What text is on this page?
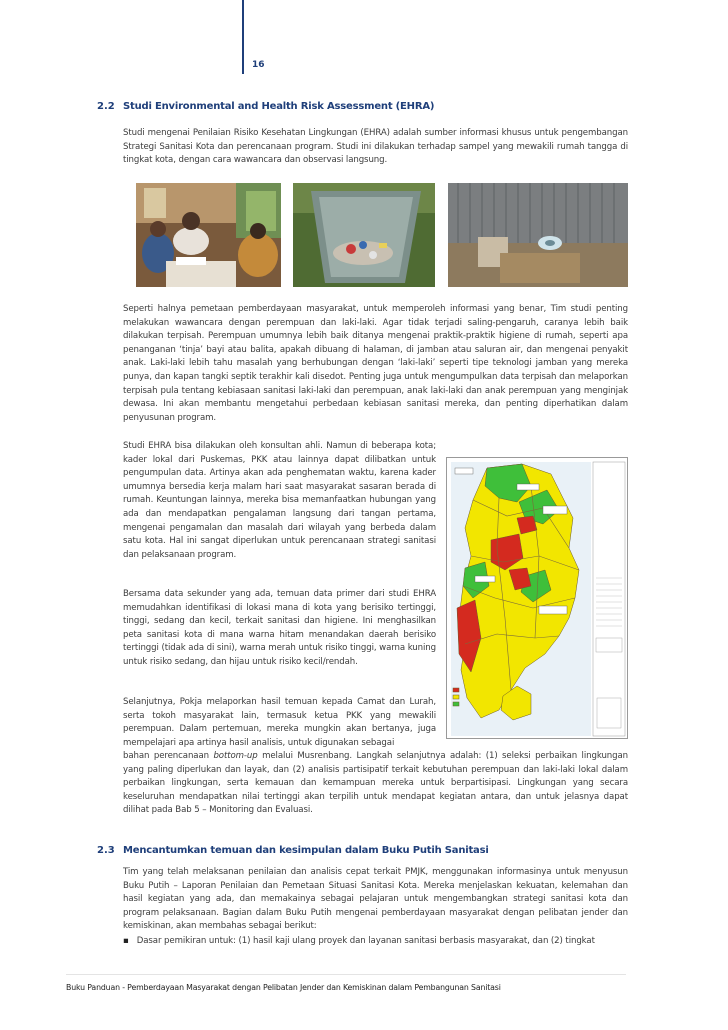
16
2.2 Studi Environmental and Health Risk Assessment (EHRA)
Studi mengenai Penilaian Risiko Kesehatan Lingkungan (EHRA) adalah sumber informasi khusus untuk pengembangan Strategi Sanitasi Kota dan perencanaan program. Studi ini dilakukan terhadap sampel yang mewakili rumah tangga di tingkat kota, dengan cara wawancara dan observasi langsung.
Seperti halnya pemetaan pemberdayaan masyarakat, untuk memperoleh informasi yang benar, Tim studi penting melakukan wawancara dengan perempuan dan laki-laki. Agar tidak terjadi saling-pengaruh, caranya lebih baik dilakukan terpisah. Perempuan umumnya lebih baik ditanya mengenai praktik-praktik higiene di rumah, seperti apa penanganan ‘tinja’ bayi atau balita, apakah dibuang di halaman, di jamban atau saluran air, dan mengenai penyakit anak. Laki-laki lebih tahu masalah yang berhubungan dengan ‘laki-laki’ seperti tipe teknologi jamban yang mereka punya, dan kapan tangki septik terakhir kali disedot. Penting juga untuk mengumpulkan data terpisah dan melaporkan terpisah pula tentang kebiasaan sanitasi laki-laki dan perempuan, anak laki-laki dan anak perempuan yang menginjak dewasa. Ini akan membantu mengetahui perbedaan kebiasan sanitasi mereka, dan penting diperhatikan dalam penyusunan program.
Studi EHRA bisa dilakukan oleh konsultan ahli. Namun di beberapa kota; kader lokal dari Puskemas, PKK atau lainnya dapat dilibatkan untuk pengumpulan data. Artinya akan ada penghematan waktu, karena kader umumnya bersedia kerja malam hari saat masyarakat sasaran berada di rumah. Keuntungan lainnya, mereka bisa memanfaatkan hubungan yang ada dan mendapatkan pengalaman langsung dari tangan pertama, mengenai pengamalan dan masalah dari wilayah yang berbeda dalam satu kota. Hal ini sangat diperlukan untuk perencanaan strategi sanitasi dan pelaksanaan program.
Bersama data sekunder yang ada, temuan data primer dari studi EHRA memudahkan identifikasi di lokasi mana di kota yang berisiko tertinggi, tinggi, sedang dan kecil, terkait sanitasi dan higiene. Ini menghasilkan peta sanitasi kota di mana warna hitam menandakan daerah berisiko tertinggi (tidak ada di sini), warna merah untuk risiko tinggi, warna kuning untuk risiko sedang, dan hijau untuk risiko kecil/rendah.
Selanjutnya, Pokja melaporkan hasil temuan kepada Camat dan Lurah, serta tokoh masyarakat lain, termasuk ketua PKK yang mewakili perempuan. Dalam pertemuan, mereka mungkin akan bertanya, juga mempelajari apa artinya hasil analisis, untuk digunakan sebagai
bahan perencanaan bottom-up melalui Musrenbang. Langkah selanjutnya adalah: (1) seleksi perbaikan lingkungan yang paling diperlukan dan layak, dan (2) analisis partisipatif terkait kebutuhan perempuan dan laki-laki lokal dalam perbaikan lingkungan, serta kemauan dan kemampuan mereka untuk berpartisipasi. Lingkungan yang secara keseluruhan mendapatkan nilai tertinggi akan terpilih untuk mendapat kegiatan antara, dan untuk jelasnya dapat dilihat pada Bab 5 – Monitoring dan Evaluasi.
2.3 Mencantumkan temuan dan kesimpulan dalam Buku Putih Sanitasi
Tim yang telah melaksanan penilaian dan analisis cepat terkait PMJK, menggunakan informasinya untuk menyusun Buku Putih – Laporan Penilaian dan Pemetaan Situasi Sanitasi Kota. Mereka menjelaskan kekuatan, kelemahan dan hasil kegiatan yang ada, dan memakainya sebagai pelajaran untuk mengembangkan strategi sanitasi kota dan program pelaksanaan. Bagian dalam Buku Putih mengenai pemberdayaan masyarakat dengan pelibatan jender dan kemiskinan, akan membahas sebagai berikut:
▪ Dasar pemikiran untuk: (1) hasil kaji ulang proyek dan layanan sanitasi berbasis masyarakat, dan (2) tingkat
Buku Panduan - Pemberdayaan Masyarakat dengan Pelibatan Jender dan Kemiskinan dalam Pembangunan Sanitasi
